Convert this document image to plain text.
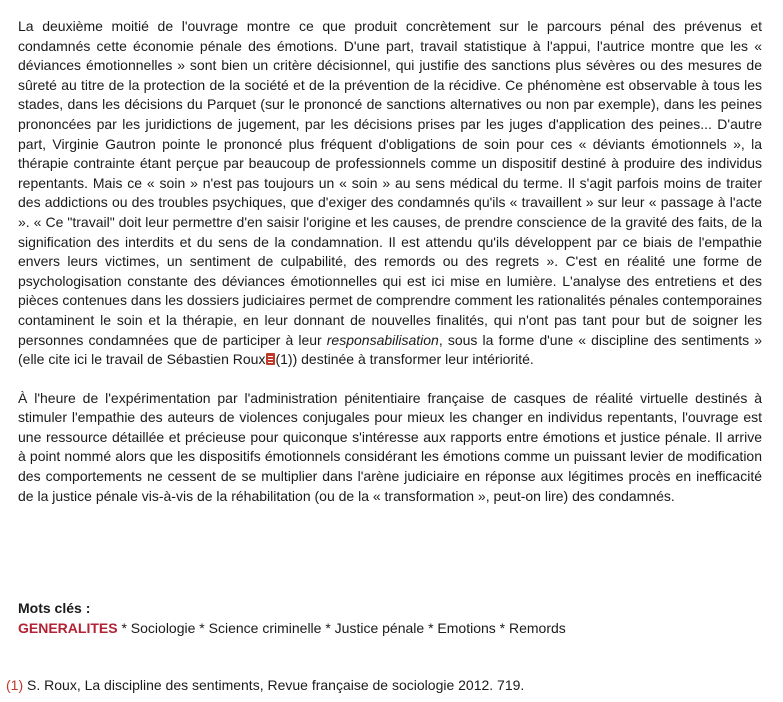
La deuxième moitié de l'ouvrage montre ce que produit concrètement sur le parcours pénal des prévenus et condamnés cette économie pénale des émotions. D'une part, travail statistique à l'appui, l'autrice montre que les « déviances émotionnelles » sont bien un critère décisionnel, qui justifie des sanctions plus sévères ou des mesures de sûreté au titre de la protection de la société et de la prévention de la récidive. Ce phénomène est observable à tous les stades, dans les décisions du Parquet (sur le prononcé de sanctions alternatives ou non par exemple), dans les peines prononcées par les juridictions de jugement, par les décisions prises par les juges d'application des peines... D'autre part, Virginie Gautron pointe le prononcé plus fréquent d'obligations de soin pour ces « déviants émotionnels », la thérapie contrainte étant perçue par beaucoup de professionnels comme un dispositif destiné à produire des individus repentants. Mais ce « soin » n'est pas toujours un « soin » au sens médical du terme. Il s'agit parfois moins de traiter des addictions ou des troubles psychiques, que d'exiger des condamnés qu'ils « travaillent » sur leur « passage à l'acte ». « Ce "travail" doit leur permettre d'en saisir l'origine et les causes, de prendre conscience de la gravité des faits, de la signification des interdits et du sens de la condamnation. Il est attendu qu'ils développent par ce biais de l'empathie envers leurs victimes, un sentiment de culpabilité, des remords ou des regrets ». C'est en réalité une forme de psychologisation constante des déviances émotionnelles qui est ici mise en lumière. L'analyse des entretiens et des pièces contenues dans les dossiers judiciaires permet de comprendre comment les rationalités pénales contemporaines contaminent le soin et la thérapie, en leur donnant de nouvelles finalités, qui n'ont pas tant pour but de soigner les personnes condamnées que de participer à leur responsabilisation, sous la forme d'une « discipline des sentiments » (elle cite ici le travail de Sébastien Roux (1)) destinée à transformer leur intériorité.

À l'heure de l'expérimentation par l'administration pénitentiaire française de casques de réalité virtuelle destinés à stimuler l'empathie des auteurs de violences conjugales pour mieux les changer en individus repentants, l'ouvrage est une ressource détaillée et précieuse pour quiconque s'intéresse aux rapports entre émotions et justice pénale. Il arrive à point nommé alors que les dispositifs émotionnels considérant les émotions comme un puissant levier de modification des comportements ne cessent de se multiplier dans l'arène judiciaire en réponse aux légitimes procès en inefficacité de la justice pénale vis-à-vis de la réhabilitation (ou de la « transformation », peut-on lire) des condamnés.

Mots clés :
GENERALITES * Sociologie * Science criminelle * Justice pénale * Emotions * Remords
(1) S. Roux, La discipline des sentiments, Revue française de sociologie 2012. 719.
